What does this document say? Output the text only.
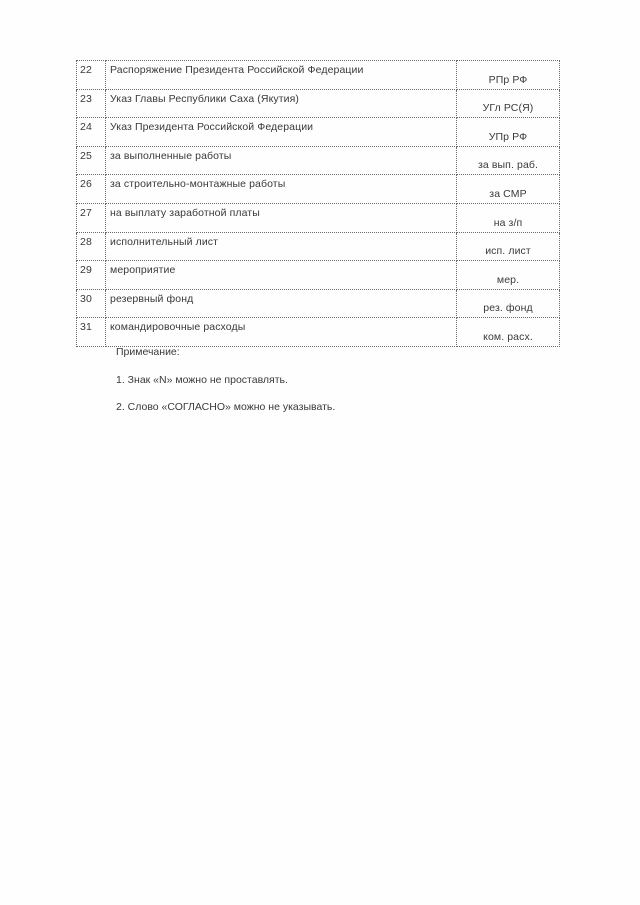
22	Распоряжение Президента Российской Федерации	РПр РФ
23	Указ Главы Республики Саха (Якутия)	УГл РС(Я)
24	Указ Президента Российской Федерации	УПр РФ
25	за выполненные работы	за вып. раб.
26	за строительно-монтажные работы	за СМР
27	на выплату заработной платы	на з/п
28	исполнительный лист	исп. лист
29	мероприятие	мер.
30	резервный фонд	рез. фонд
31	командировочные расходы	ком. расх.
Примечание:
1. Знак «N» можно не проставлять.
2. Слово «СОГЛАСНО» можно не указывать.
